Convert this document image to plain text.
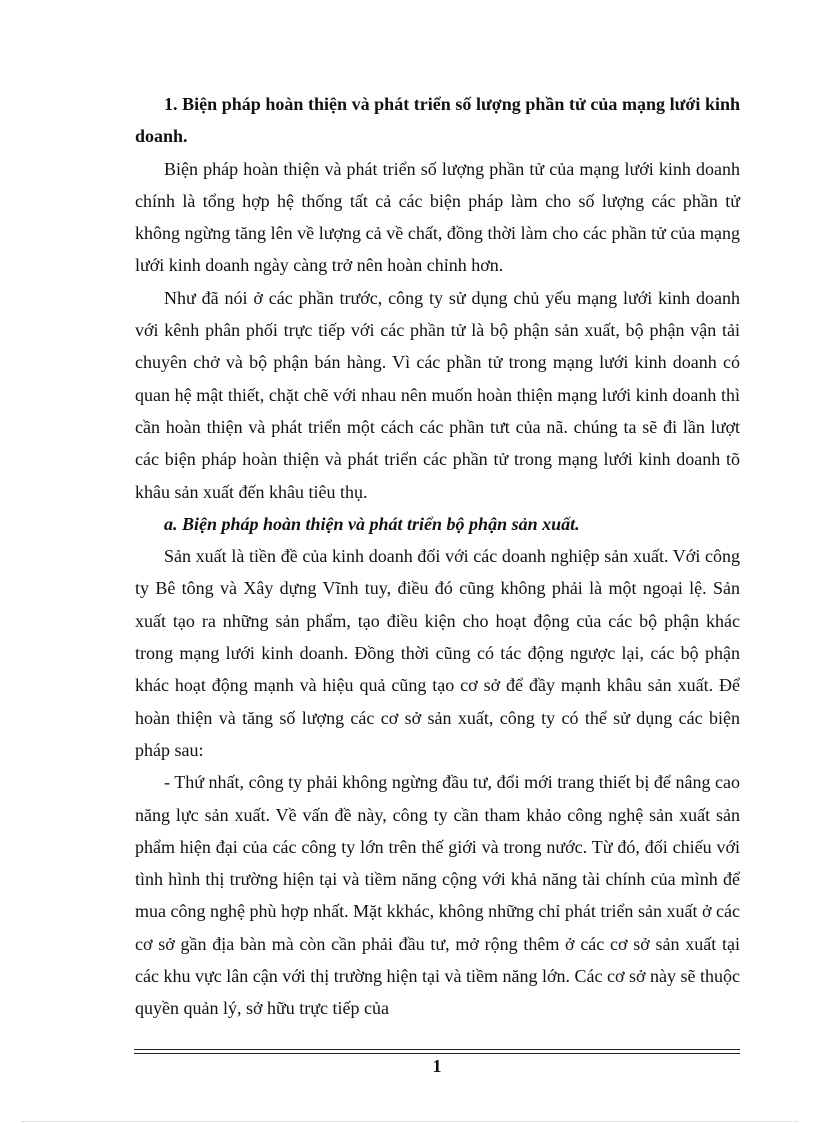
1. Biện pháp hoàn thiện và phát triển số lượng phần tử của mạng lưới kinh doanh.

Biện pháp hoàn thiện và phát triển số lượng phần tử của mạng lưới kinh doanh chính là tổng hợp hệ thống tất cả các biện pháp làm cho số lượng các phần tử không ngừng tăng lên về lượng cả về chất, đồng thời làm cho các phần tử của mạng lưới kinh doanh ngày càng trở nên hoàn chỉnh hơn.

Như đã nói ở các phần trước, công ty sử dụng chủ yếu mạng lưới kinh doanh với kênh phân phối trực tiếp với các phần tử là bộ phận sản xuất, bộ phận vận tải chuyên chở và bộ phận bán hàng. Vì các phần tử trong mạng lưới kinh doanh có quan hệ mật thiết, chặt chẽ với nhau nên muốn hoàn thiện mạng lưới kinh doanh thì cần hoàn thiện và phát triển một cách các phần tưt của nã. chúng ta sẽ đi lần lượt các biện pháp hoàn thiện và phát triển các phần tử trong mạng lưới kinh doanh tõ khâu sản xuất đến khâu tiêu thụ.

a. Biện pháp hoàn thiện và phát triển bộ phận sản xuất.

Sản xuất là tiền đề của kinh doanh đối với các doanh nghiệp sản xuất. Với công ty Bê tông và Xây dựng Vĩnh tuy, điều đó cũng không phải là một ngoại lệ. Sản xuất tạo ra những sản phẩm, tạo điều kiện cho hoạt động của các bộ phận khác trong mạng lưới kinh doanh. Đồng thời cũng có tác động ngược lại, các bộ phận khác hoạt động mạnh và hiệu quả cũng tạo cơ sở để đầy mạnh khâu sản xuất. Để hoàn thiện và tăng số lượng các cơ sở sản xuất, công ty có thể sử dụng các biện pháp sau:

- Thứ nhất, công ty phải không ngừng đầu tư, đổi mới trang thiết bị để nâng cao năng lực sản xuất. Về vấn đề này, công ty cần tham khảo công nghệ sản xuất sản phẩm hiện đại của các công ty lớn trên thế giới và trong nước. Từ đó, đối chiếu với tình hình thị trường hiện tại và tiềm năng cộng với khả năng tài chính của mình để mua công nghệ phù hợp nhất. Mặt kkhác, không những chỉ phát triển sản xuất ở các cơ sở gần địa bàn mà còn cần phải đầu tư, mở rộng thêm ở các cơ sở sản xuất tại các khu vực lân cận với thị trường hiện tại và tiềm năng lớn. Các cơ sở này sẽ thuộc quyền quản lý, sở hữu trực tiếp của

1
